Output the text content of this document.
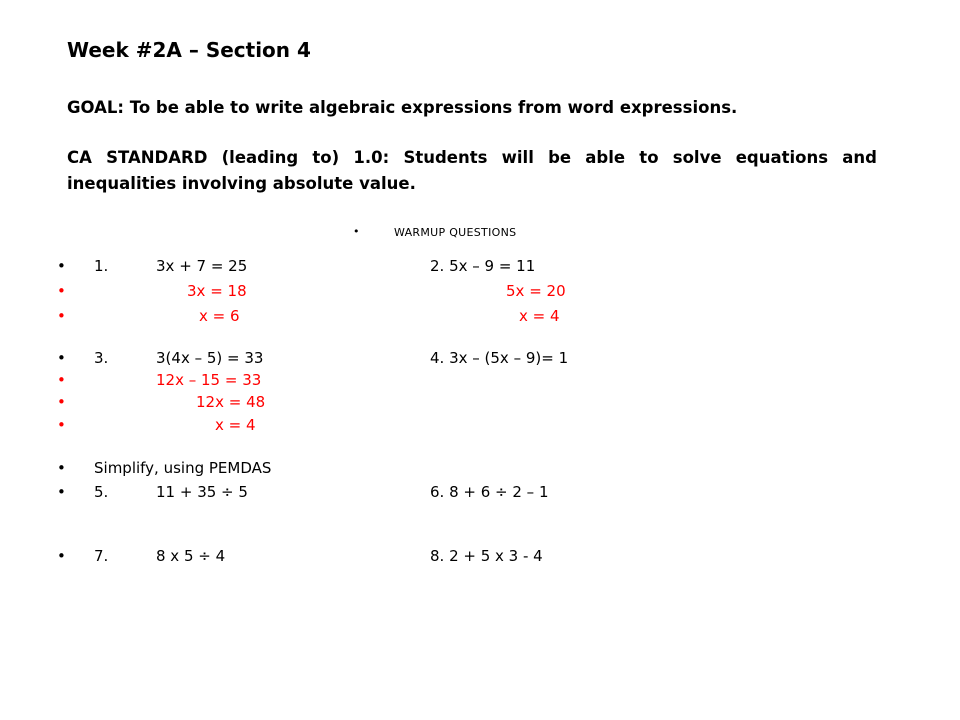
Week #2A – Section 4

GOAL: To be able to write algebraic expressions from word expressions.

CA STANDARD (leading to) 1.0: Students will be able to solve equations and inequalities involving absolute value.

•	WARMUP QUESTIONS
• 1.	3x + 7 = 25	2. 5x – 9 = 11
•	3x = 18	5x = 20
•	x = 6	x = 4
• 3.	3(4x – 5) = 33	4. 3x – (5x – 9)= 1
•	12x – 15 = 33
•	12x = 48
•	x = 4
• Simplify, using PEMDAS
• 5.	11 + 35 ÷ 5	6. 8 + 6 ÷ 2 – 1
• 7.	8 x 5 ÷ 4	8. 2 + 5 x 3 - 4
